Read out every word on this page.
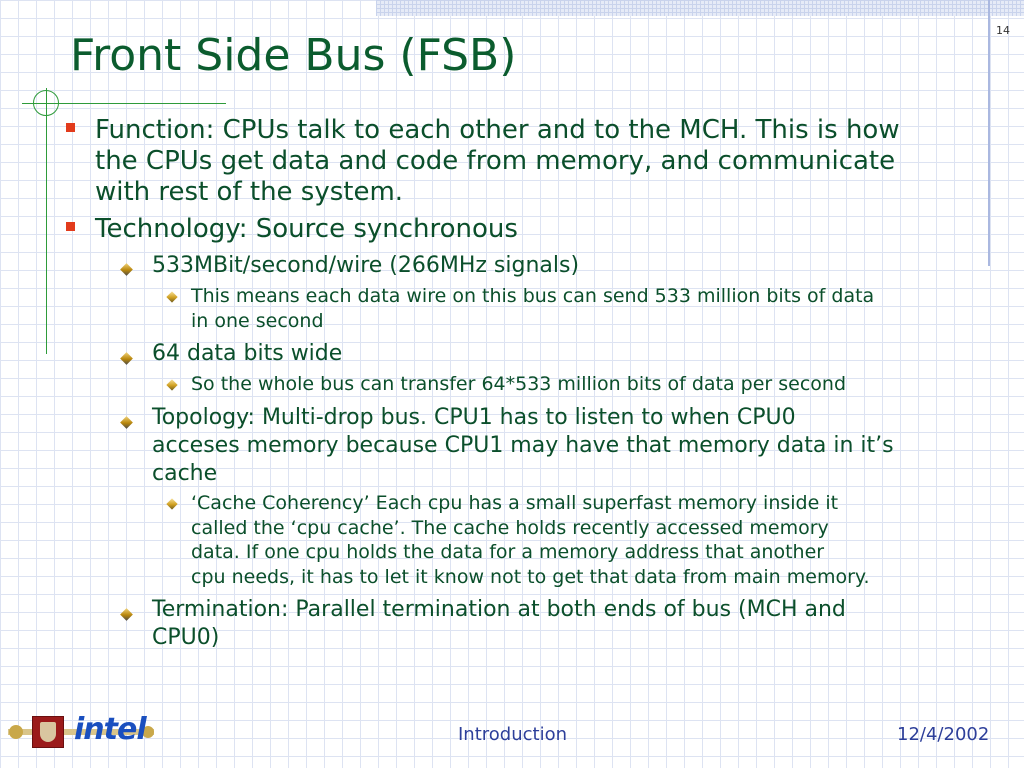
14
Front Side Bus (FSB)
Function: CPUs talk to each other and to the MCH. This is how
the CPUs get data and code from memory, and communicate
with rest of the system.
Technology: Source synchronous
533MBit/second/wire (266MHz signals)
This means each data wire on this bus can send 533 million bits of data
in one second
64 data bits wide
So the whole bus can transfer 64*533 million bits of data per second
Topology: Multi-drop bus. CPU1 has to listen to when CPU0
acceses memory because CPU1 may have that memory data in it’s
cache
‘Cache Coherency’ Each cpu has a small superfast memory inside it
called the ‘cpu cache’. The cache holds recently accessed memory
data. If one cpu holds the data for a memory address that another
cpu needs, it has to let it know not to get that data from main memory.
Termination: Parallel termination at both ends of bus (MCH and
CPU0)
intel	Introduction	12/4/2002
